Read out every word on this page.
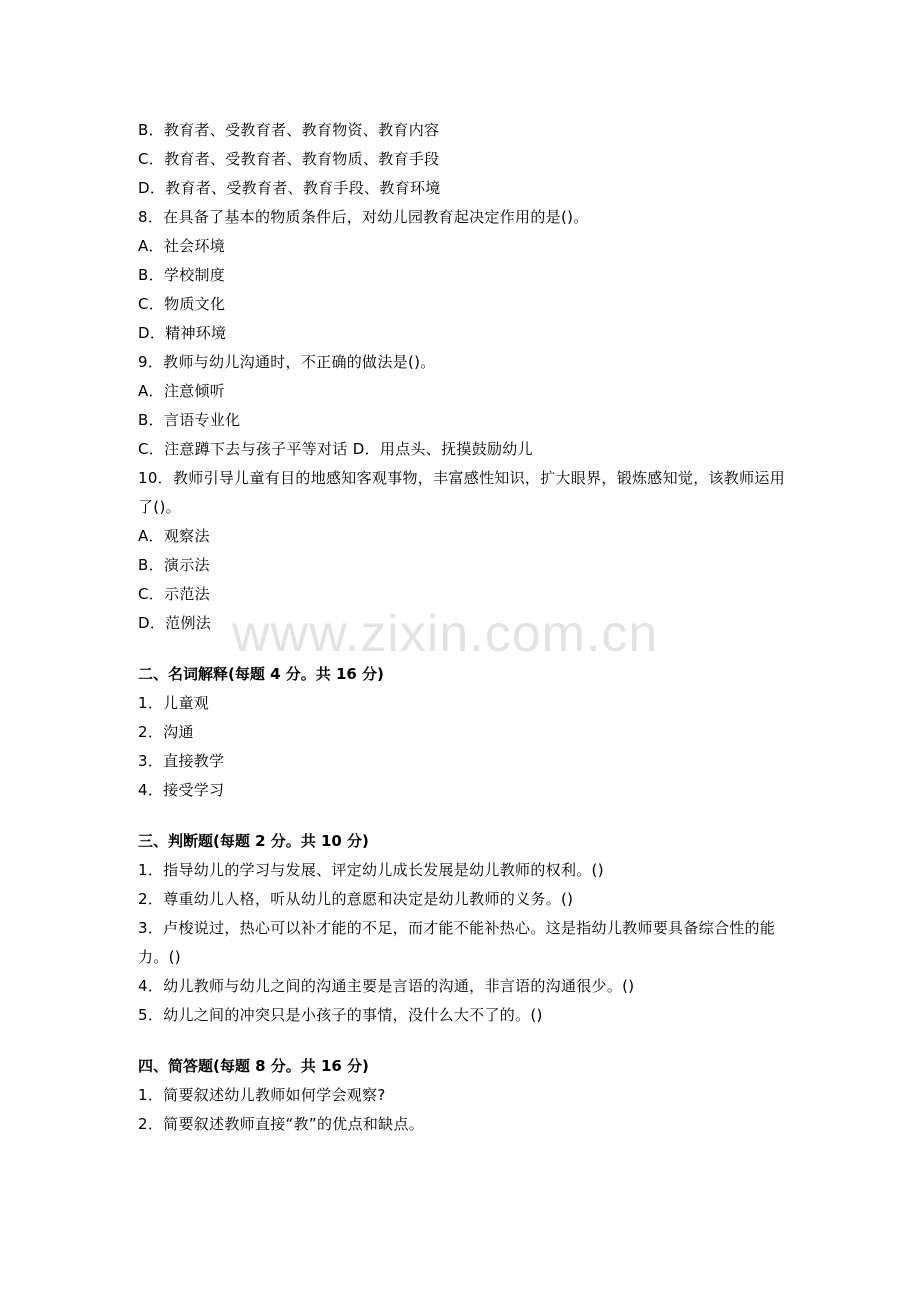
www.zixin.com.cn
B．教育者、受教育者、教育物资、教育内容
C．教育者、受教育者、教育物质、教育手段
D．教育者、受教育者、教育手段、教育环境
8．在具备了基本的物质条件后，对幼儿园教育起决定作用的是()。
A．社会环境
B．学校制度
C．物质文化
D．精神环境
9．教师与幼儿沟通时，不正确的做法是()。
A．注意倾听
B．言语专业化
C．注意蹲下去与孩子平等对话 D．用点头、抚摸鼓励幼儿
10．教师引导儿童有目的地感知客观事物，丰富感性知识，扩大眼界，锻炼感知觉，该教师运用了()。
A．观察法
B．演示法
C．示范法
D．范例法
二、名词解释(每题 4 分。共 16 分)
1．儿童观
2．沟通
3．直接教学
4．接受学习
三、判断题(每题 2 分。共 10 分)
1．指导幼儿的学习与发展、评定幼儿成长发展是幼儿教师的权利。()
2．尊重幼儿人格，听从幼儿的意愿和决定是幼儿教师的义务。()
3．卢梭说过，热心可以补才能的不足，而才能不能补热心。这是指幼儿教师要具备综合性的能力。()
4．幼儿教师与幼儿之间的沟通主要是言语的沟通，非言语的沟通很少。()
5．幼儿之间的冲突只是小孩子的事情，没什么大不了的。()
四、简答题(每题 8 分。共 16 分)
1．简要叙述幼儿教师如何学会观察?
2．简要叙述教师直接“教”的优点和缺点。
